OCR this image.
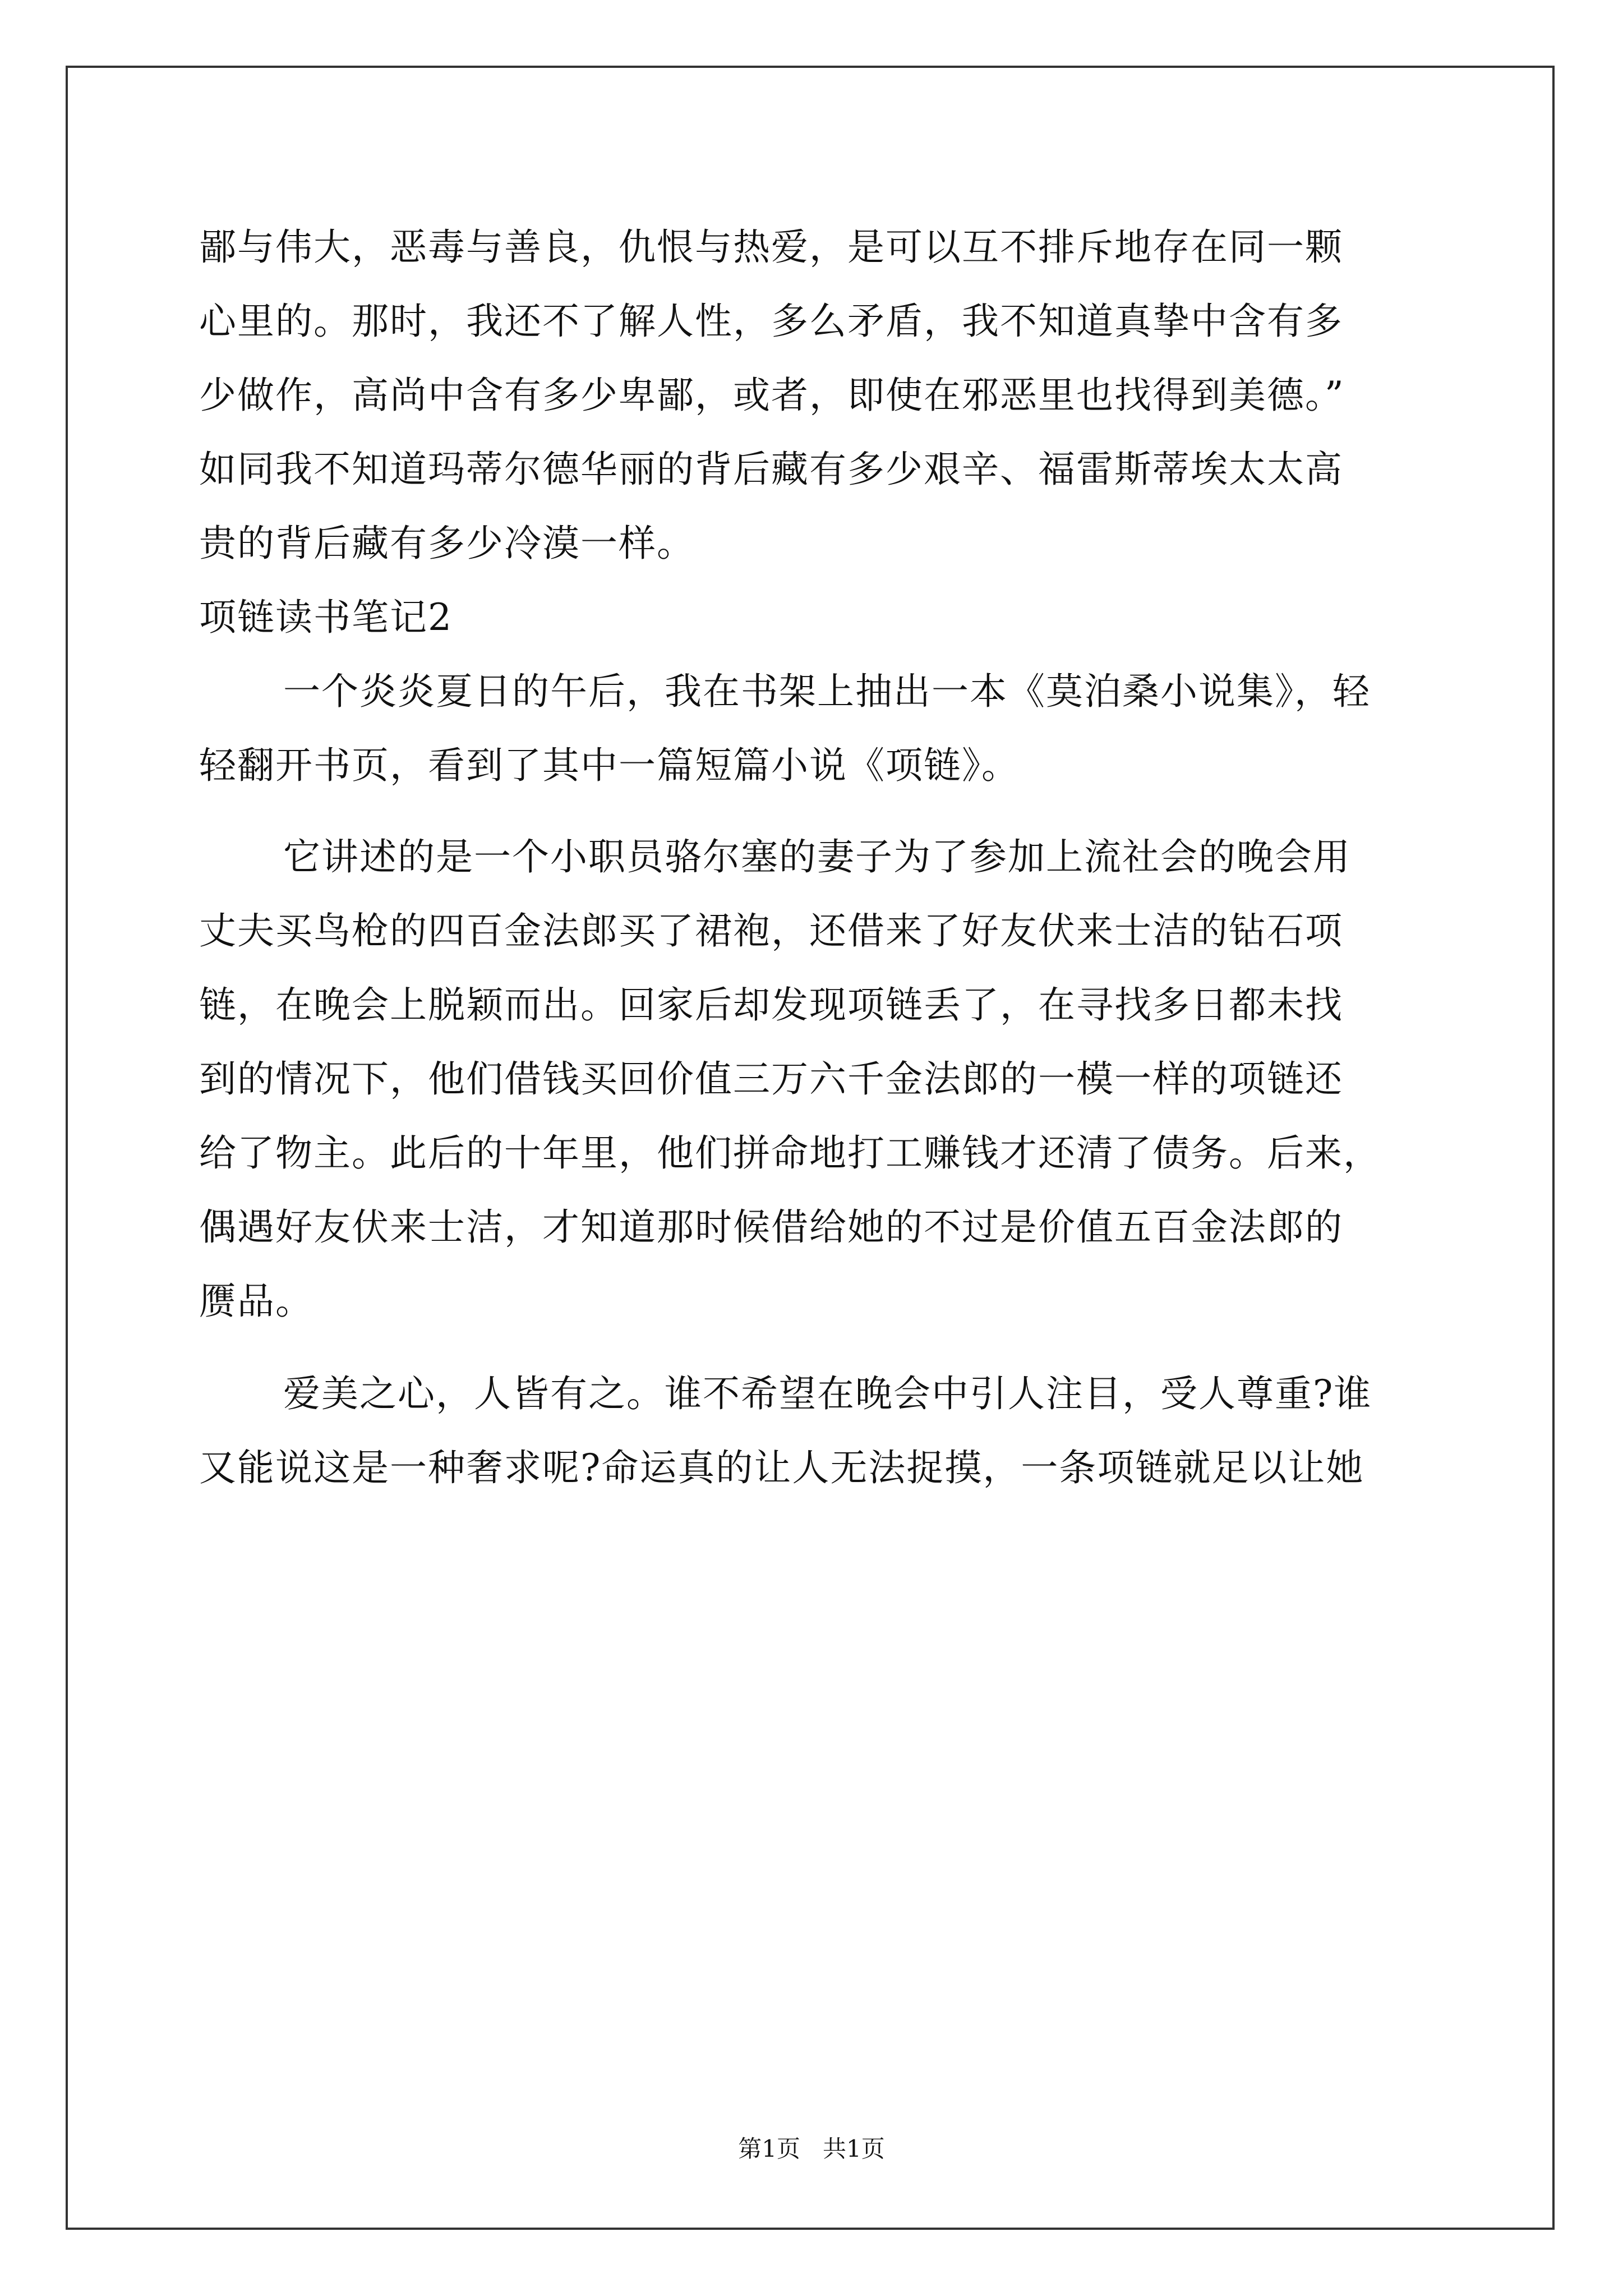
鄙与伟大，恶毒与善良，仇恨与热爱，是可以互不排斥地存在同一颗
心里的。那时，我还不了解人性，多么矛盾，我不知道真挚中含有多
少做作，高尚中含有多少卑鄙，或者，即使在邪恶里也找得到美德。”
如同我不知道玛蒂尔德华丽的背后藏有多少艰辛、福雷斯蒂埃太太高
贵的背后藏有多少冷漠一样。
项链读书笔记2
一个炎炎夏日的午后，我在书架上抽出一本《莫泊桑小说集》，轻
轻翻开书页，看到了其中一篇短篇小说《项链》。
它讲述的是一个小职员骆尔塞的妻子为了参加上流社会的晚会用
丈夫买鸟枪的四百金法郎买了裙袍，还借来了好友伏来士洁的钻石项
链，在晚会上脱颖而出。回家后却发现项链丢了，在寻找多日都未找
到的情况下，他们借钱买回价值三万六千金法郎的一模一样的项链还
给了物主。此后的十年里，他们拼命地打工赚钱才还清了债务。后来，
偶遇好友伏来士洁，才知道那时候借给她的不过是价值五百金法郎的
赝品。
爱美之心，人皆有之。谁不希望在晚会中引人注目，受人尊重?谁
又能说这是一种奢求呢?命运真的让人无法捉摸，一条项链就足以让她
第1页 共1页
